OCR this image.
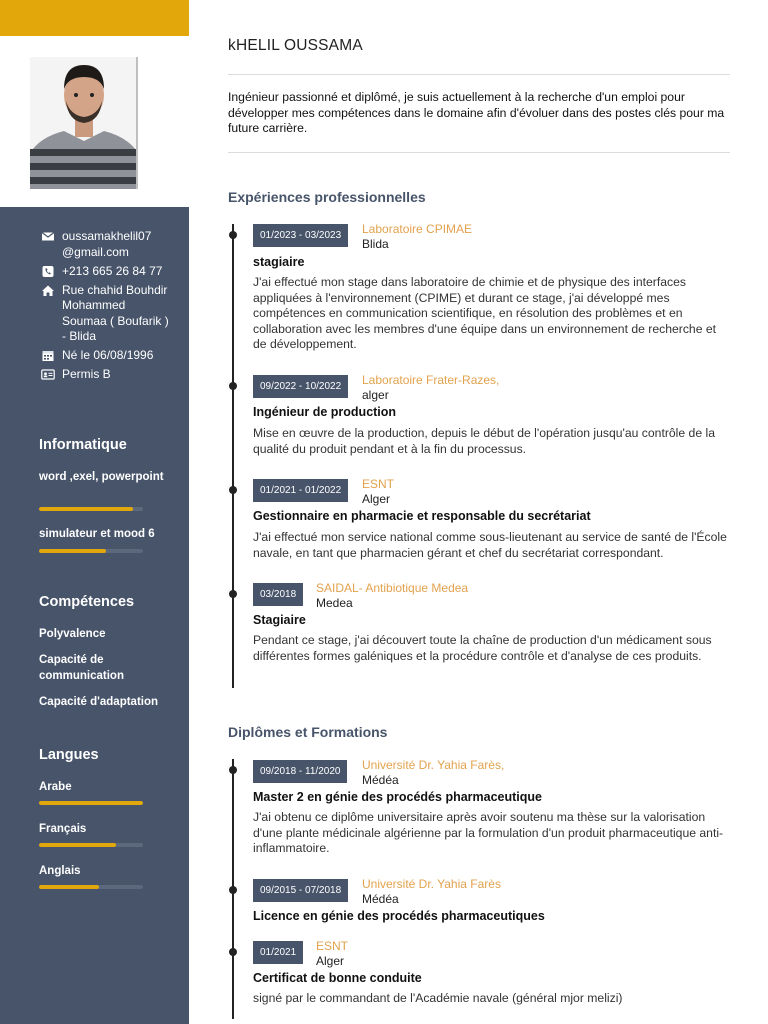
oussamakhelil07 @gmail.com
+213 665 26 84 77
Rue chahid Bouhdir Mohammed Soumaa ( Boufarik ) - Blida
Né le 06/08/1996
Permis B
Informatique
word ,exel, powerpoint
simulateur et mood 6
Compétences
Polyvalence
Capacité de communication
Capacité d'adaptation
Langues
Arabe
Français
Anglais
kHELIL OUSSAMA
Ingénieur passionné et diplômé, je suis actuellement à la recherche d'un emploi pour développer mes compétences dans le domaine afin d'évoluer dans des postes clés pour ma future carrière.
Expériences professionnelles
01/2023 - 03/2023	Laboratoire CPIMAE
Blida
stagiaire
J'ai effectué mon stage dans laboratoire de chimie et de physique des interfaces appliquées à l'environnement (CPIME) et durant ce stage, j'ai développé mes compétences en communication scientifique, en résolution des problèmes et en collaboration avec les membres d'une équipe dans un environnement de recherche et de développement.
09/2022 - 10/2022	Laboratoire Frater-Razes,
alger
Ingénieur de production
Mise en œuvre de la production, depuis le début de l'opération jusqu'au contrôle de la qualité du produit pendant et à la fin du processus.
01/2021 - 01/2022	ESNT
Alger
Gestionnaire en pharmacie et responsable du secrétariat
J'ai effectué mon service national comme sous-lieutenant au service de santé de l'École navale, en tant que pharmacien gérant et chef du secrétariat correspondant.
03/2018	SAIDAL- Antibiotique Medea
Medea
Stagiaire
Pendant ce stage, j'ai découvert toute la chaîne de production d'un médicament sous différentes formes galéniques et la procédure contrôle et d'analyse de ces produits.
Diplômes et Formations
09/2018 - 11/2020	Université Dr. Yahia Farès,
Médéa
Master 2 en génie des procédés pharmaceutique
J'ai obtenu ce diplôme universitaire après avoir soutenu ma thèse sur la valorisation d'une plante médicinale algérienne par la formulation d'un produit pharmaceutique anti-inflammatoire.
09/2015 - 07/2018	Université Dr. Yahia Farès
Médéa
Licence en génie des procédés pharmaceutiques
01/2021	ESNT
Alger
Certificat de bonne conduite
signé par le commandant de l'Académie navale (général mjor melizi)
